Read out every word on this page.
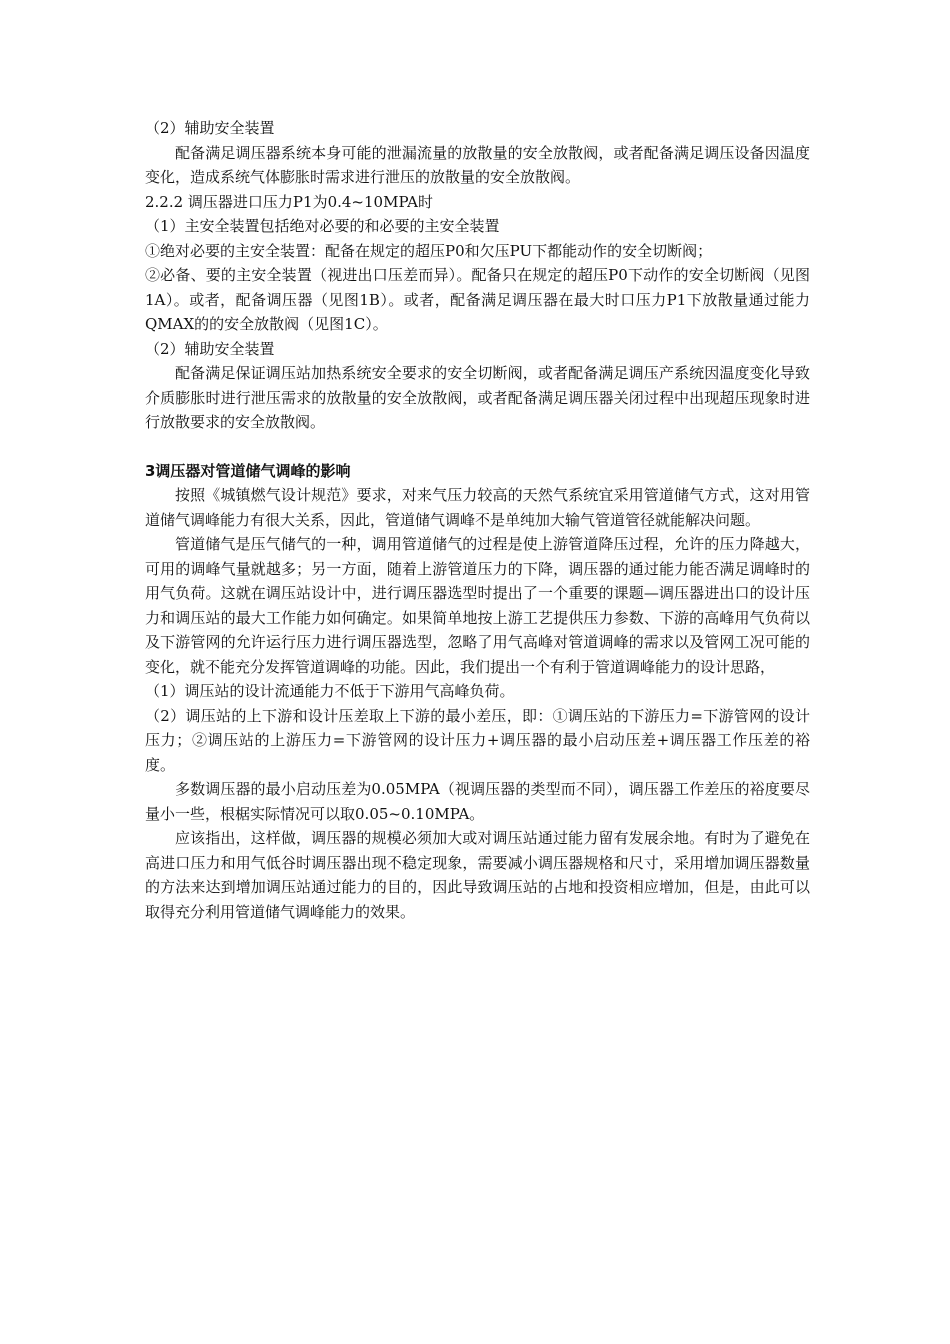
（2）辅助安全装置

配备满足调压器系统本身可能的泄漏流量的放散量的安全放散阀，或者配备满足调压设备因温度变化，造成系统气体膨胀时需求进行泄压的放散量的安全放散阀。

2.2.2 调压器进口压力P1为0.4~10MPA时

（1）主安全装置包括绝对必要的和必要的主安全装置

①绝对必要的主安全装置：配备在规定的超压P0和欠压PU下都能动作的安全切断阀；

②必备、要的主安全装置（视进出口压差而异）。配备只在规定的超压P0下动作的安全切断阀（见图1A）。或者，配备调压器（见图1B）。或者，配备满足调压器在最大时口压力P1下放散量通过能力QMAX的的安全放散阀（见图1C）。

（2）辅助安全装置

配备满足保证调压站加热系统安全要求的安全切断阀，或者配备满足调压产系统因温度变化导致介质膨胀时进行泄压需求的放散量的安全放散阀，或者配备满足调压器关闭过程中出现超压现象时进行放散要求的安全放散阀。

3调压器对管道储气调峰的影响

按照《城镇燃气设计规范》要求，对来气压力较高的天然气系统宜采用管道储气方式，这对用管道储气调峰能力有很大关系，因此，管道储气调峰不是单纯加大输气管道管径就能解决问题。

管道储气是压气储气的一种，调用管道储气的过程是使上游管道降压过程，允许的压力降越大，可用的调峰气量就越多；另一方面，随着上游管道压力的下降，调压器的通过能力能否满足调峰时的用气负荷。这就在调压站设计中，进行调压器选型时提出了一个重要的课题—调压器进出口的设计压力和调压站的最大工作能力如何确定。如果简单地按上游工艺提供压力参数、下游的高峰用气负荷以及下游管网的允许运行压力进行调压器选型，忽略了用气高峰对管道调峰的需求以及管网工况可能的变化，就不能充分发挥管道调峰的功能。因此，我们提出一个有利于管道调峰能力的设计思路，

（1）调压站的设计流通能力不低于下游用气高峰负荷。

（2）调压站的上下游和设计压差取上下游的最小差压，即：①调压站的下游压力=下游管网的设计压力；②调压站的上游压力=下游管网的设计压力+调压器的最小启动压差+调压器工作压差的裕度。

多数调压器的最小启动压差为0.05MPA（视调压器的类型而不同），调压器工作差压的裕度要尽量小一些，根椐实际情况可以取0.05~0.10MPA。

应该指出，这样做，调压器的规模必须加大或对调压站通过能力留有发展余地。有时为了避免在高进口压力和用气低谷时调压器出现不稳定现象，需要减小调压器规格和尺寸，采用增加调压器数量的方法来达到增加调压站通过能力的目的，因此导致调压站的占地和投资相应增加，但是，由此可以取得充分利用管道储气调峰能力的效果。
